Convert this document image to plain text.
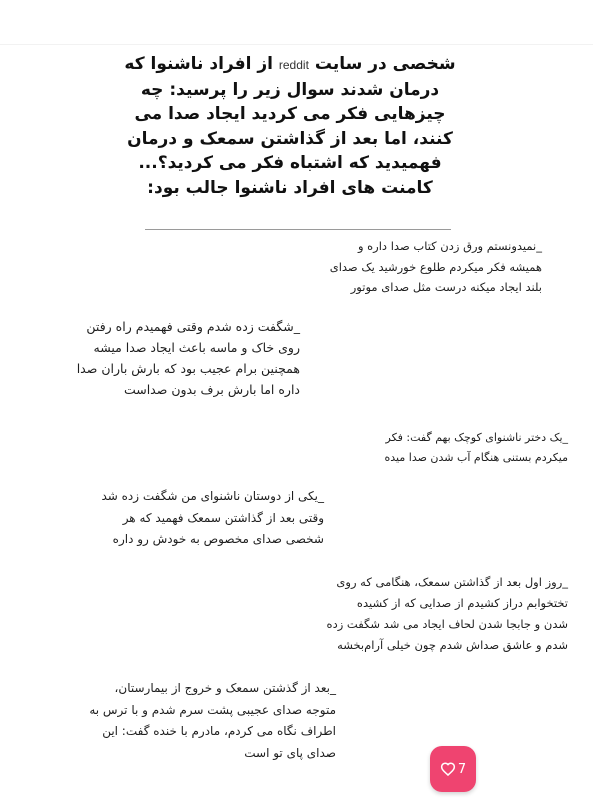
شخصی در سایت reddit از افراد ناشنوا که
درمان شدند سوال زیر را پرسید: چه
چیزهایی فکر می کردید ایجاد صدا می
کنند، اما بعد از گذاشتن سمعک و درمان
فهمیدید که اشتباه فکر می کردید؟...
کامنت های افراد ناشنوا جالب بود:
_نمیدونستم ورق زدن کتاب صدا داره و
همیشه فکر میکردم طلوع خورشید یک صدای
بلند ایجاد میکنه درست مثل صدای موتور
_شگفت زده شدم وقتی فهمیدم راه رفتن
روی خاک و ماسه باعث ایجاد صدا میشه
همچنین برام عجیب بود که بارش باران صدا
داره اما بارش برف بدون صداست
_یک دختر ناشنوای کوچک بهم گفت: فکر
میکردم بستنی هنگام آب شدن صدا میده
_یکی از دوستان ناشنوای من شگفت زده شد
وقتی بعد از گذاشتن سمعک فهمید که هر
شخصی صدای مخصوص به خودش رو داره
_روز اول بعد از گذاشتن سمعک، هنگامی که روی
تختخوابم دراز کشیدم از صدایی که از کشیده
شدن و جابجا شدن لحاف ایجاد می شد شگفت زده
شدم و عاشق صداش شدم چون خیلی آرام‌بخشه
_بعد از گذشتن سمعک و خروج از بیمارستان،
متوجه صدای عجیبی پشت سرم شدم و با ترس به
اطراف نگاه می کردم، مادرم با خنده گفت: این
صدای پای تو است
7
